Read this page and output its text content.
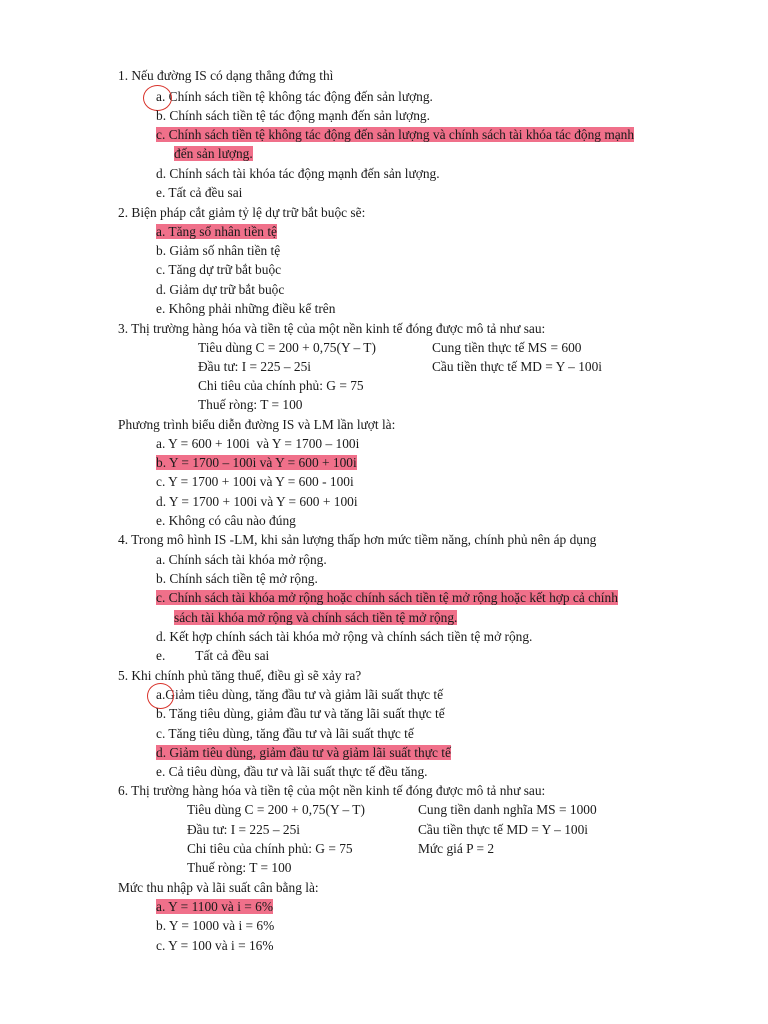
1. Nếu đường IS có dạng thẳng đứng thì
a. Chính sách tiền tệ không tác động đến sản lượng.
b. Chính sách tiền tệ tác động mạnh đến sản lượng.
c. Chính sách tiền tệ không tác động đến sản lượng và chính sách tài khóa tác động mạnh
đến sản lượng.
d. Chính sách tài khóa tác động mạnh đến sản lượng.
e. Tất cả đều sai
2. Biện pháp cắt giảm tỷ lệ dự trữ bắt buộc sẽ:
a. Tăng số nhân tiền tệ
b. Giảm số nhân tiền tệ
c. Tăng dự trữ bắt buộc
d. Giảm dự trữ bắt buộc
e. Không phải những điều kể trên
3. Thị trường hàng hóa và tiền tệ của một nền kinh tế đóng được mô tả như sau:
Tiêu dùng C = 200 + 0,75(Y – T)	Cung tiền thực tế MS = 600
Đầu tư: I = 225 – 25i	Cầu tiền thực tế MD = Y – 100i
Chi tiêu của chính phủ: G = 75
Thuế ròng: T = 100
Phương trình biểu diễn đường IS và LM lần lượt là:
a. Y = 600 + 100i  và Y = 1700 – 100i
b. Y = 1700 – 100i và Y = 600 + 100i
c. Y = 1700 + 100i và Y = 600 - 100i
d. Y = 1700 + 100i và Y = 600 + 100i
e. Không có câu nào đúng
4. Trong mô hình IS -LM, khi sản lượng thấp hơn mức tiềm năng, chính phủ nên áp dụng
a. Chính sách tài khóa mở rộng.
b. Chính sách tiền tệ mở rộng.
c. Chính sách tài khóa mở rộng hoặc chính sách tiền tệ mở rộng hoặc kết hợp cả chính
sách tài khóa mở rộng và chính sách tiền tệ mở rộng.
d. Kết hợp chính sách tài khóa mở rộng và chính sách tiền tệ mở rộng.
e. Tất cả đều sai
5. Khi chính phủ tăng thuế, điều gì sẽ xảy ra?
a.Giảm tiêu dùng, tăng đầu tư và giảm lãi suất thực tế
b. Tăng tiêu dùng, giảm đầu tư và tăng lãi suất thực tế
c. Tăng tiêu dùng, tăng đầu tư và lãi suất thực tế
d. Giảm tiêu dùng, giảm đầu tư và giảm lãi suất thực tế
e. Cả tiêu dùng, đầu tư và lãi suất thực tế đều tăng.
6. Thị trường hàng hóa và tiền tệ của một nền kinh tế đóng được mô tả như sau:
Tiêu dùng C = 200 + 0,75(Y – T)	Cung tiền danh nghĩa MS = 1000
Đầu tư: I = 225 – 25i	Cầu tiền thực tế MD = Y – 100i
Chi tiêu của chính phủ: G = 75	Mức giá P = 2
Thuế ròng: T = 100
Mức thu nhập và lãi suất cân bằng là:
a. Y = 1100 và i = 6%
b. Y = 1000 và i = 6%
c. Y = 100 và i = 16%
